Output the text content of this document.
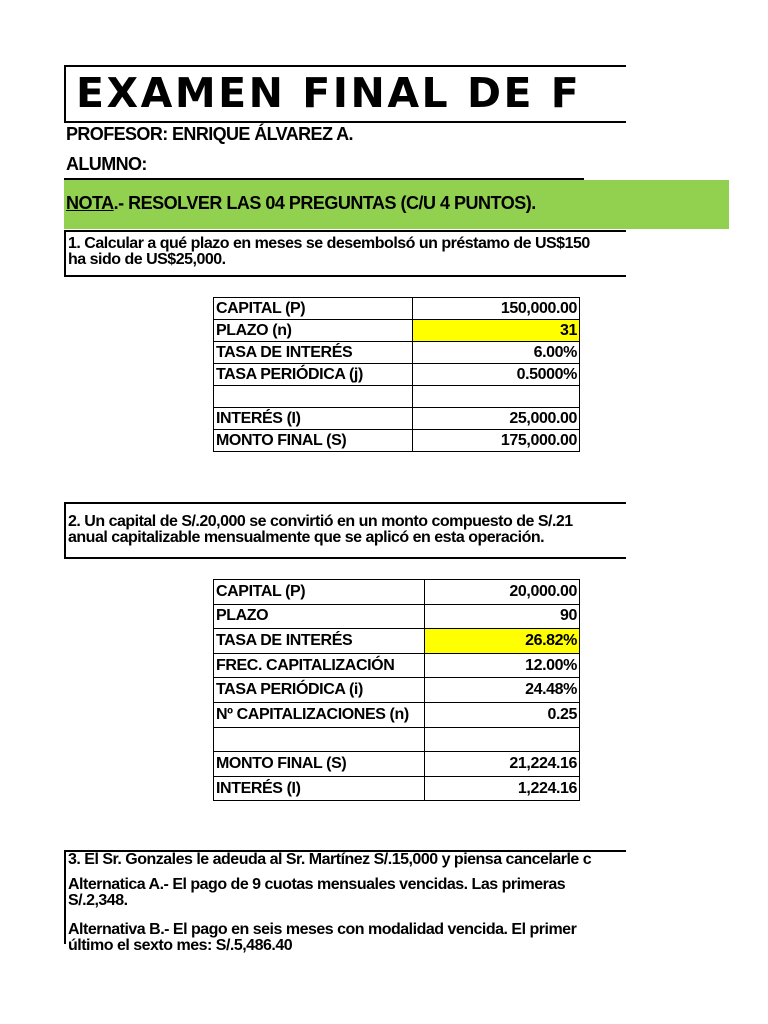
EXAMEN FINAL DE F
PROFESOR: ENRIQUE ÁLVAREZ A.
ALUMNO:
1. Calcular a qué plazo en meses se desembolsó un préstamo de US$150
ha sido de US$25,000.
CAPITAL (P)	150,000.00
PLAZO (n)	31
TASA DE INTERÉS	6.00%
TASA PERIÓDICA (j)	0.5000%

INTERÉS (I)	25,000.00
MONTO FINAL (S)	175,000.00
2. Un capital de S/.20,000 se convirtió en un monto compuesto de S/.21
anual capitalizable mensualmente que se aplicó en esta operación.
CAPITAL (P)	20,000.00
PLAZO	90
TASA DE INTERÉS	26.82%
FREC. CAPITALIZACIÓN	12.00%
TASA PERIÓDICA (i)	24.48%
Nº CAPITALIZACIONES (n)	0.25

MONTO FINAL (S)	21,224.16
INTERÉS (I)	1,224.16
3. El Sr. Gonzales le adeuda al Sr. Martínez S/.15,000 y piensa cancelarle c
Alternatica A.- El pago de 9 cuotas mensuales vencidas. Las primeras
S/.2,348.
Alternativa B.- El pago en seis meses con modalidad vencida. El primer
último el sexto mes: S/.5,486.40
NOTA.- RESOLVER LAS 04 PREGUNTAS (C/U 4 PUNTOS).
